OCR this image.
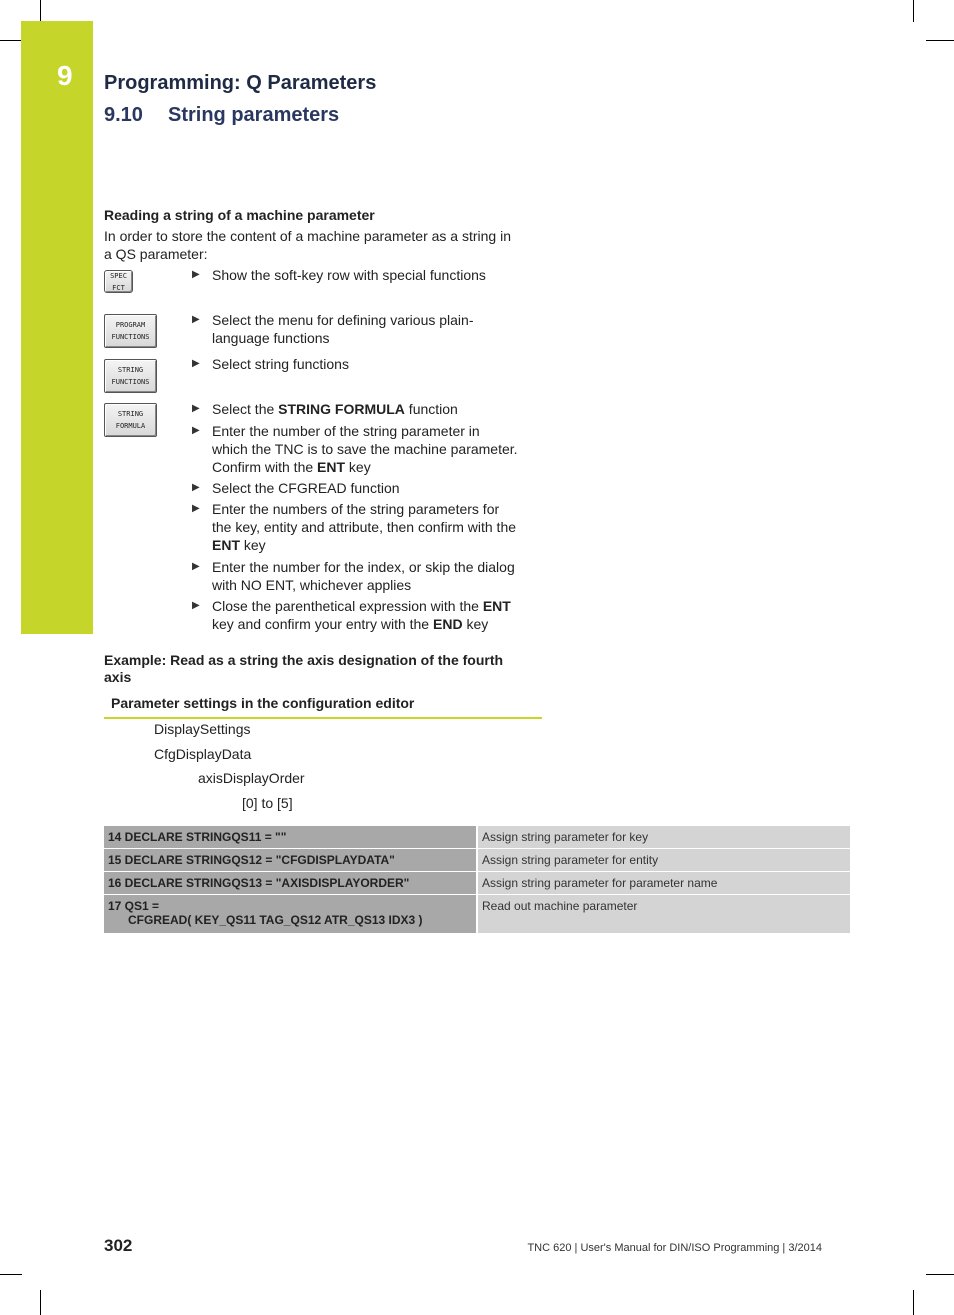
9 Programming: Q Parameters
9.10 String parameters
Reading a string of a machine parameter
In order to store the content of a machine parameter as a string in
a QS parameter:
SPEC
FCT
PROGRAM
FUNCTIONS
STRING
FUNCTIONS
STRING
FORMULA
▶ Show the soft-key row with special functions
▶ Select the menu for defining various plain-
language functions
▶ Select string functions
▶ Select the STRING FORMULA function
▶ Enter the number of the string parameter in
which the TNC is to save the machine parameter.
Confirm with the ENT key
▶ Select the CFGREAD function
▶ Enter the numbers of the string parameters for
the key, entity and attribute, then confirm with the
ENT key
▶ Enter the number for the index, or skip the dialog
with NO ENT, whichever applies
▶ Close the parenthetical expression with the ENT
key and confirm your entry with the END key
Example: Read as a string the axis designation of the fourth
axis
Parameter settings in the configuration editor
DisplaySettings
CfgDisplayData
axisDisplayOrder
[0] to [5]
14 DECLARE STRINGQS11 = ""	Assign string parameter for key
15 DECLARE STRINGQS12 = "CFGDISPLAYDATA"	Assign string parameter for entity
16 DECLARE STRINGQS13 = "AXISDISPLAYORDER"	Assign string parameter for parameter name

17 QS1 =
CFGREAD( KEY_QS11 TAG_QS12 ATR_QS13 IDX3 )	Read out machine parameter
302	TNC 620 | User's Manual for DIN/ISO Programming | 3/2014
